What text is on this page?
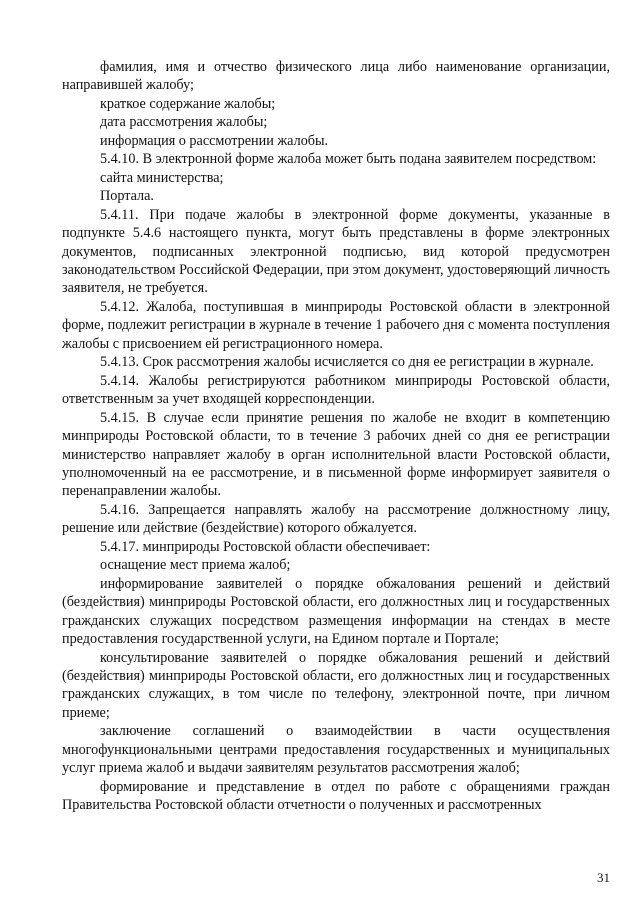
фамилия, имя и отчество физического лица либо наименование организации, направившей жалобу;

краткое содержание жалобы;

дата рассмотрения жалобы;

информация о рассмотрении жалобы.

5.4.10. В электронной форме жалоба может быть подана заявителем посредством:

сайта министерства;

Портала.

5.4.11. При подаче жалобы в электронной форме документы, указанные в подпункте 5.4.6 настоящего пункта, могут быть представлены в форме электронных документов, подписанных электронной подписью, вид которой предусмотрен законодательством Российской Федерации, при этом документ, удостоверяющий личность заявителя, не требуется.

5.4.12. Жалоба, поступившая в минприроды Ростовской области в электронной форме, подлежит регистрации в журнале в течение 1 рабочего дня с момента поступления жалобы с присвоением ей регистрационного номера.

5.4.13. Срок рассмотрения жалобы исчисляется со дня ее регистрации в журнале.

5.4.14. Жалобы регистрируются работником минприроды Ростовской области, ответственным за учет входящей корреспонденции.

5.4.15. В случае если принятие решения по жалобе не входит в компетенцию минприроды Ростовской области, то в течение 3 рабочих дней со дня ее регистрации министерство направляет жалобу в орган исполнительной власти Ростовской области, уполномоченный на ее рассмотрение, и в письменной форме информирует заявителя о перенаправлении жалобы.

5.4.16. Запрещается направлять жалобу на рассмотрение должностному лицу, решение или действие (бездействие) которого обжалуется.

5.4.17. минприроды Ростовской области обеспечивает:

оснащение мест приема жалоб;

информирование заявителей о порядке обжалования решений и действий (бездействия) минприроды Ростовской области, его должностных лиц и государственных гражданских служащих посредством размещения информации на стендах в месте предоставления государственной услуги, на Едином портале и Портале;

консультирование заявителей о порядке обжалования решений и действий (бездействия) минприроды Ростовской области, его должностных лиц и государственных гражданских служащих, в том числе по телефону, электронной почте, при личном приеме;

заключение соглашений о взаимодействии в части осуществления многофункциональными центрами предоставления государственных и муниципальных услуг приема жалоб и выдачи заявителям результатов рассмотрения жалоб;

формирование и представление в отдел по работе с обращениями граждан Правительства Ростовской области отчетности о полученных и рассмотренных

31
